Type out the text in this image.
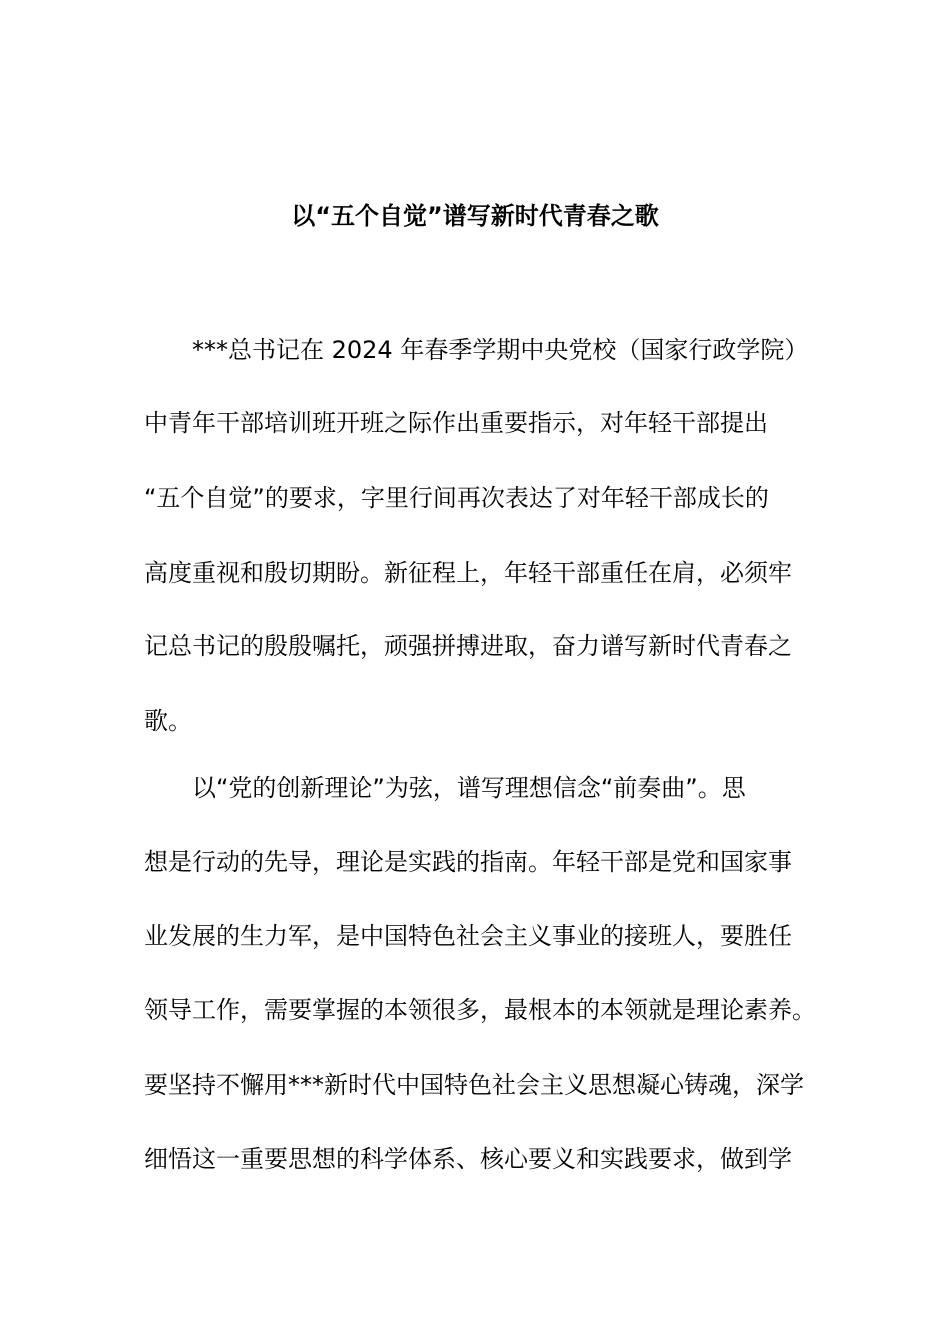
以“五个自觉”谱写新时代青春之歌

***总书记在 2024 年春季学期中央党校（国家行政学院）

中青年干部培训班开班之际作出重要指示，对年轻干部提出

“五个自觉”的要求，字里行间再次表达了对年轻干部成长的

高度重视和殷切期盼。新征程上，年轻干部重任在肩，必须牢

记总书记的殷殷嘱托，顽强拼搏进取，奋力谱写新时代青春之

歌。

以“党的创新理论”为弦，谱写理想信念“前奏曲”。思

想是行动的先导，理论是实践的指南。年轻干部是党和国家事

业发展的生力军，是中国特色社会主义事业的接班人，要胜任

领导工作，需要掌握的本领很多，最根本的本领就是理论素养。

要坚持不懈用***新时代中国特色社会主义思想凝心铸魂，深学

细悟这一重要思想的科学体系、核心要义和实践要求，做到学
